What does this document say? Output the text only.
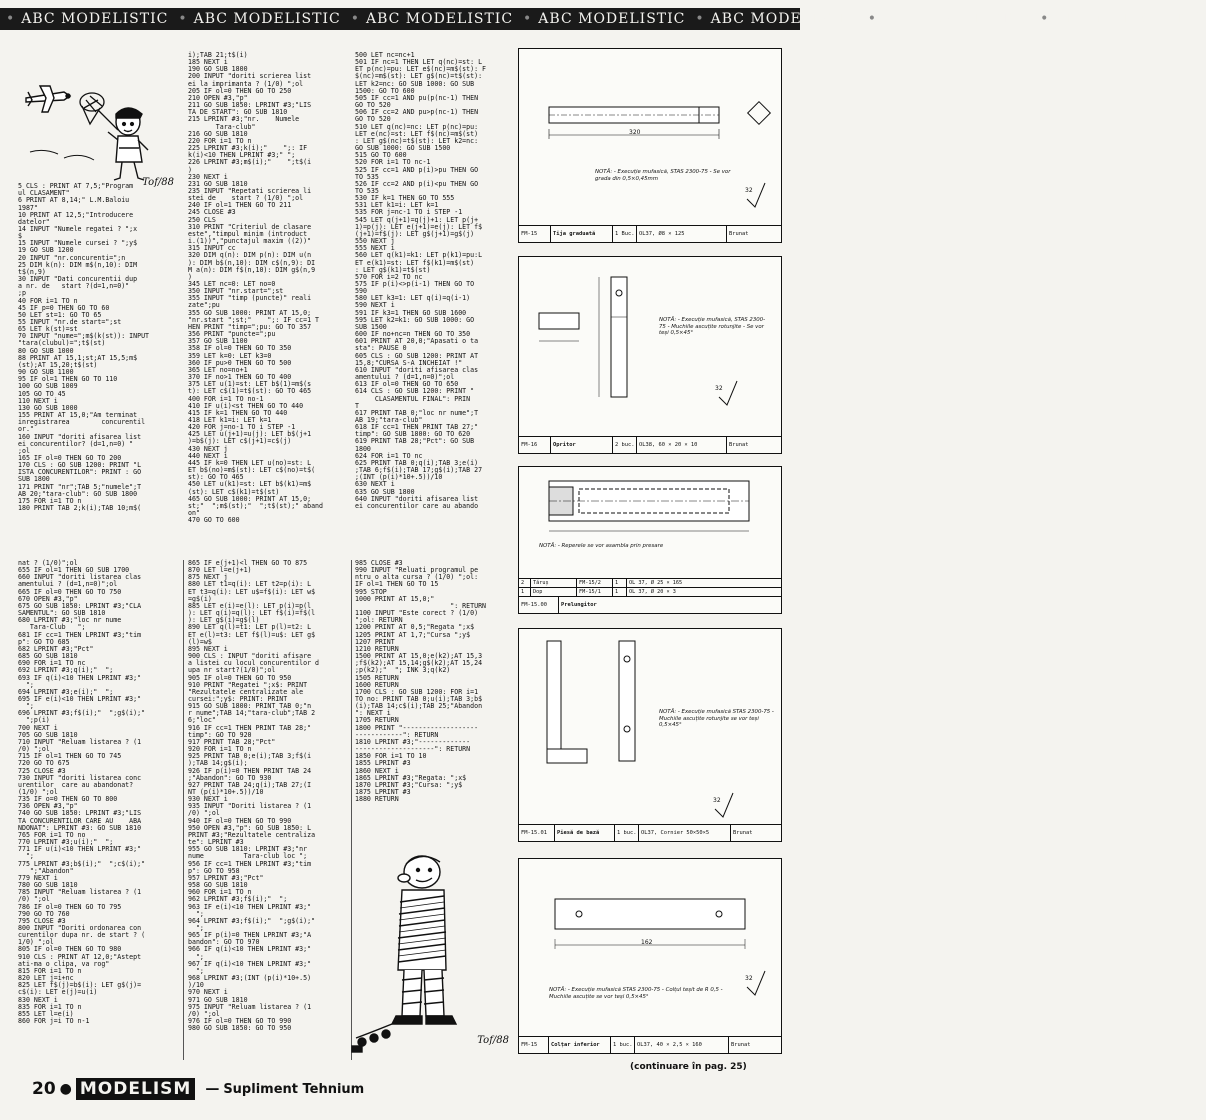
• ABC MODELISTIC • ABC MODELISTIC • ABC MODELISTIC • ABC MODELISTIC • ABC MODELISTIC • ABC MODELISTIC • ABC MODELISTIC
Tof/88

5 CLS : PRINT AT 7,5;"Program
ul CLASAMENT"
6 PRINT AT 8,14;" L.M.Baloiu
1987"
10 PRINT AT 12,5;"Introducere
datelor"
14 INPUT "Numele regatei ? ";x
$
15 INPUT "Numele cursei ? ";y$
19 GO SUB 1200
20 INPUT "nr.concurenti=";n
25 DIM k(n): DIM m$(n,10): DIM
t$(n,9)
30 INPUT "Dati concurentii dup
a nr. de   start ?(d=1,n=0)"
;p
40 FOR i=1 TO n
45 IF p=0 THEN GO TO 60
50 LET st=1: GO TO 65
55 INPUT "nr.de start=";st
65 LET k(st)=st
70 INPUT "nume=";m$(k(st)): INPUT
"tara(clubul)=";t$(st)
80 GO SUB 1000
88 PRINT AT 15,1;st;AT 15,5;m$
(st);AT 15,20;t$(st)
90 GO SUB 1100
95 IF ol=1 THEN GO TO 110
100 GO SUB 1009
105 GO TO 45
110 NEXT i
130 GO SUB 1000
155 PRINT AT 15,0;"Am terminat
inregistrarea        concurentil
or."
160 INPUT "doriti afisarea list
ei concurentilor? (d=1,n=0) "
;ol
165 IF ol=0 THEN GO TO 200
170 CLS : GO SUB 1200: PRINT "L
ISTA CONCURENTILOR": PRINT : GO
SUB 1800
171 PRINT "nr";TAB 5;"numele";T
AB 20;"tara-club": GO SUB 1800
175 FOR i=1 TO n
180 PRINT TAB 2;k(i);TAB 10;m$(
i);TAB 21;t$(i)
185 NEXT i
190 GO SUB 1800
200 INPUT "doriti scrierea list
ei la imprimanta ? (1/0) ";ol
205 IF ol=0 THEN GO TO 250
210 OPEN #3,"p"
211 GO SUB 1850: LPRINT #3;"LIS
TA DE START": GO SUB 1810
215 LPRINT #3;"nr.    Numele
Tara-club"
216 GO SUB 1810
220 FOR i=1 TO n
225 LPRINT #3;k(i);"    ";: IF
k(i)<10 THEN LPRINT #3;" ";
226 LPRINT #3;m$(i);"    ";t$(i
)
230 NEXT i
231 GO SUB 1810
235 INPUT "Repetati scrierea li
stei de    start ? (1/0) ";ol
240 IF ol=1 THEN GO TO 211
245 CLOSE #3
250 CLS
310 PRINT "Criteriul de clasare
este","timpul minim (introduct
i.(1))","punctajul maxim ((2))"
315 INPUT cc
320 DIM q(n): DIM p(n): DIM u(n
): DIM b$(n,10): DIM c$(n,9): DI
M a(n): DIM f$(n,10): DIM g$(n,9
)
345 LET nc=0: LET no=0
350 INPUT "nr.start=";st
355 INPUT "timp (puncte)" reali
zate";pu
355 GO SUB 1000: PRINT AT 15,0;
"nr.start ";st;"    ";: IF cc=1 T
HEN PRINT "timp=";pu: GO TO 357
356 PRINT "puncte=";pu
357 GO SUB 1100
358 IF ol=0 THEN GO TO 350
359 LET k=0: LET k3=0
360 IF pu>0 THEN GO TO 500
365 LET no=no+1
370 IF no>1 THEN GO TO 400
375 LET u(1)=st: LET b$(1)=m$(s
t): LET c$(1)=t$(st): GO TO 465
400 FOR i=1 TO no-1
410 IF u(i)<st THEN GO TO 440
415 IF k=1 THEN GO TO 440
418 LET k1=i: LET k=1
420 FOR j=no-1 TO i STEP -1
425 LET u(j+1)=u(j): LET b$(j+1
)=b$(j): LET c$(j+1)=c$(j)
430 NEXT j
440 NEXT i
445 IF k=0 THEN LET u(no)=st: L
ET b$(no)=m$(st): LET c$(no)=t$(
st): GO TO 465
450 LET u(k1)=st: LET b$(k1)=m$
(st): LET c$(k1)=t$(st)
465 GO SUB 1000: PRINT AT 15,0;
st;"  ";m$(st);"  ";t$(st);" aband
on"
470 GO TO 600
500 LET nc=nc+1
501 IF nc=1 THEN LET q(nc)=st: L
ET p(nc)=pu: LET e$(nc)=m$(st): F
$(nc)=m$(st): LET g$(nc)=t$(st):
LET k2=nc: GO SUB 1000: GO SUB
1500: GO TO 600
505 IF cc=1 AND pu(p(nc-1) THEN
GO TO 520
506 IF cc=2 AND pu>p(nc-1) THEN
GO TO 520
510 LET q(nc)=nc: LET p(nc)=pu:
LET e(nc)=st: LET f$(nc)=m$(st)
: LET g$(nc)=t$(st): LET k2=nc:
GO SUB 1000: GO SUB 1500
515 GO TO 600
520 FOR i=1 TO nc-1
525 IF cc=1 AND p(i)>pu THEN GO
TO 535
526 IF cc=2 AND p(i)<pu THEN GO
TO 535
530 IF k=1 THEN GO TO 555
531 LET k1=i: LET k=1
535 FOR j=nc-1 TO i STEP -1
545 LET q(j+1)=q(j)+1: LET p(j+
1)=p(j): LET e(j+1)=e(j): LET f$
(j+1)=f$(j): LET g$(j+1)=g$(j)
550 NEXT j
555 NEXT i
560 LET q(k1)=k1: LET p(k1)=pu:L
ET e(k1)=st: LET f$(k1)=m$(st)
: LET g$(k1)=t$(st)
570 FOR i=2 TO nc
575 IF p(i)<>p(i-1) THEN GO TO
590
580 LET k3=1: LET q(i)=q(i-1)
590 NEXT i
591 IF k3=1 THEN GO SUB 1600
595 LET k2=k1: GO SUB 1000: GO
SUB 1500
600 IF no+nc=n THEN GO TO 350
601 PRINT AT 20,0;"Apasati o ta
sta": PAUSE 0
605 CLS : GO SUB 1200: PRINT AT
15,8;"CURSA S-A INCHEIAT !"
610 INPUT "doriti afisarea clas
amentului ? (d=1,n=0)";ol
613 IF ol=0 THEN GO TO 650
614 CLS : GO SUB 1200: PRINT "
CLASAMENTUL FINAL": PRIN
T
617 PRINT TAB 0;"loc nr nume";T
AB 19;"tara-club"
618 IF cc=1 THEN PRINT TAB 27;"
timp": GO SUB 1800: GO TO 620
619 PRINT TAB 28;"Pct": GO SUB
1800
624 FOR i=1 TO nc
625 PRINT TAB 0;q(i);TAB 3;e(i)
;TAB 6;f$(i);TAB 17;g$(i);TAB 27
;(INT (p(i)*10+.5))/10
630 NEXT i
635 GO SUB 1800
640 INPUT "doriti afisarea list
ei concurentilor care au abando
nat ? (1/0)";ol
655 IF ol=1 THEN GO SUB 1700
660 INPUT "doriti listarea clas
amentului ? (d=1,n=0)";ol
665 IF ol=0 THEN GO TO 750
670 OPEN #3,"p"
675 GO SUB 1850: LPRINT #3;"CLA
SAMENTUL": GO SUB 1810
680 LPRINT #3;"loc nr nume
Tara-Club   ";
681 IF cc=1 THEN LPRINT #3;"tim
p": GO TO 685
682 LPRINT #3;"Pct"
685 GO SUB 1810
690 FOR i=1 TO nc
692 LPRINT #3;q(i);"  ";
693 IF q(i)<10 THEN LPRINT #3;"
";
694 LPRINT #3;e(i);"  ";
695 IF e(i)<10 THEN LPRINT #3;"
";
696 LPRINT #3;f$(i);"  ";g$(i);"
";p(i)
700 NEXT i
705 GO SUB 1810
710 INPUT "Reluam listarea ? (1
/0) ";ol
715 IF ol=1 THEN GO TO 745
720 GO TO 675
725 CLOSE #3
730 INPUT "doriti listarea conc
urentilor  care au abandonat?
(1/0) ";ol
735 IF o=0 THEN GO TO 800
736 OPEN #3,"p"
740 GO SUB 1850: LPRINT #3;"LIS
TA CONCURENTILOR CARE AU    ABA
NDONAT": LPRINT #3: GO SUB 1810
765 FOR i=1 TO no
770 LPRINT #3;u(i);"  ";
771 IF u(i)<10 THEN LPRINT #3;"
";
775 LPRINT #3;b$(i);"  ";c$(i);"
";"Abandon"
779 NEXT i
780 GO SUB 1810
785 INPUT "Reluam listarea ? (1
/0) ";ol
786 IF ol=0 THEN GO TO 795
790 GO TO 760
795 CLOSE #3
800 INPUT "Doriti ordonarea con
curentilor dupa nr. de start ? (
1/0) ";ol
805 IF ol=0 THEN GO TO 980
910 CLS : PRINT AT 12,0;"Astept
ati-ma o clipa, va rog"
815 FOR i=1 TO n
820 LET j=i+nc
825 LET f$(j)=b$(i): LET g$(j)=
c$(i): LET e(j)=u(i)
830 NEXT i
835 FOR i=1 TO n
855 LET l=e(i)
860 FOR j=i TO n-1
865 IF e(j+1)<l THEN GO TO 875
870 LET l=e(j+1)
875 NEXT j
880 LET t1=q(i): LET t2=p(i): L
ET t3=q(i): LET u$=f$(i): LET w$
=g$(i)
885 LET e(i)=e(l): LET p(i)=p(l
): LET q(i)=q(l): LET f$(i)=f$(l
): LET g$(i)=g$(l)
890 LET q(l)=t1: LET p(l)=t2: L
ET e(l)=t3: LET f$(l)=u$: LET g$
(l)=w$
895 NEXT i
900 CLS : INPUT "doriti afisare
a listei cu locul concurentilor d
upa nr start?(1/0)";ol
905 IF ol=0 THEN GO TO 950
910 PRINT "Regatei ";x$: PRINT
"Rezultatele centralizate ale
cursei:";y$: PRINT: PRINT
915 GO SUB 1800: PRINT TAB 0;"n
r nume";TAB 14;"tara-club";TAB 2
6;"loc"
916 IF cc=1 THEN PRINT TAB 28;"
timp": GO TO 920
917 PRINT TAB 28;"Pct"
920 FOR i=1 TO n
925 PRINT TAB 0;e(i);TAB 3;f$(i
);TAB 14;g$(i);
926 IF p(i)=0 THEN PRINT TAB 24
;"Abandon": GO TO 930
927 PRINT TAB 24;q(i);TAB 27;(I
NT (p(i)*10+.5))/10
930 NEXT i
935 INPUT "Doriti listarea ? (1
/0) ";ol
940 IF ol=0 THEN GO TO 990
950 OPEN #3,"p": GO SUB 1850: L
PRINT #3;"Rezultatele centraliza
te": LPRINT #3
955 GO SUB 1810: LPRINT #3;"nr
nume          Tara-club loc ";
956 IF cc=1 THEN LPRINT #3;"tim
p": GO TO 958
957 LPRINT #3;"Pct"
958 GO SUB 1810
960 FOR i=1 TO n
962 LPRINT #3;f$(i);"  ";
963 IF e(i)<10 THEN LPRINT #3;"
";
964 LPRINT #3;f$(i);"  ";g$(i);"
";
965 IF p(i)=0 THEN LPRINT #3;"A
bandon": GO TO 970
966 IF q(i)<10 THEN LPRINT #3;"
";
967 IF q(i)<10 THEN LPRINT #3;"
";
968 LPRINT #3;(INT (p(i)*10+.5)
)/10
970 NEXT i
971 GO SUB 1810
975 INPUT "Reluam listarea ? (1
/0) ";ol
976 IF ol=0 THEN GO TO 990
980 GO SUB 1850: GO TO 950
985 CLOSE #3
990 INPUT "Reluati programul pe
ntru o alta cursa ? (1/0) ";ol:
IF ol=1 THEN GO TO 15
995 STOP
1000 PRINT AT 15,0;"
": RETURN
1100 INPUT "Este corect ? (1/0)
";ol: RETURN
1200 PRINT AT 0,5;"Regata ";x$
1205 PRINT AT 1,7;"Cursa ";y$
1207 PRINT
1210 RETURN
1500 PRINT AT 15,0;e(k2);AT 15,3
;f$(k2);AT 15,14;g$(k2);AT 15,24
;p(k2);"  "; INK 3;q(k2)
1505 RETURN
1600 RETURN
1700 CLS : GO SUB 1200: FOR i=1
TO no: PRINT TAB 0;u(i);TAB 3;b$
(i);TAB 14;c$(i);TAB 25;"Abandon
": NEXT i
1705 RETURN
1800 PRINT "-------------------
------------": RETURN
1810 LPRINT #3;"-------------
--------------------": RETURN
1850 FOR i=1 TO 10
1855 LPRINT #3
1860 NEXT i
1865 LPRINT #3;"Regata: ";x$
1870 LPRINT #3;"Cursa: ";y$
1875 LPRINT #3
1880 RETURN
Tof/88
320
32
NOTĂ: - Execuție mufasică, STAS 2300-75 - Se vor grada din 0,5×0,45mm
FM-15	Tija graduată	1 Buc. OL37, Ø8 × 125	Brunat
32
NOTĂ: - Execuție mufasică, STAS 2300-75 - Muchiile ascuțite rotunjite - Se vor teși 0,5×45°
FM-16	Opritor	2 buc. OL38, 60 × 20 × 10	Brunat
NOTĂ: - Reperele se vor asambla prin presare
2	Tăruș	FM-15/2	1	OL 37, Ø 25 × 165
1	Dop	FM-15/1	1	OL 37, Ø 20 × 3
FM-15.00	Prelungitor
32
NOTĂ: - Execuție mufasică STAS 2300-75 - Muchiile ascuțite rotunjite se vor teși 0,5×45°
FM-15.01	Piesă de bază	1 buc. OL37, Cornier 50×50×5	Brunat
162
32
NOTĂ: - Execuție mufasică STAS 2300-75 - Colțul teșit de R 0,5 - Muchiile ascuțite se vor teși 0,5×45°
FM-15	Colțar inferior	1 buc. OL37, 40 × 2,5 × 160	Brunat
(continuare în pag. 25)
20 ● MODELISM — Supliment Tehnium
